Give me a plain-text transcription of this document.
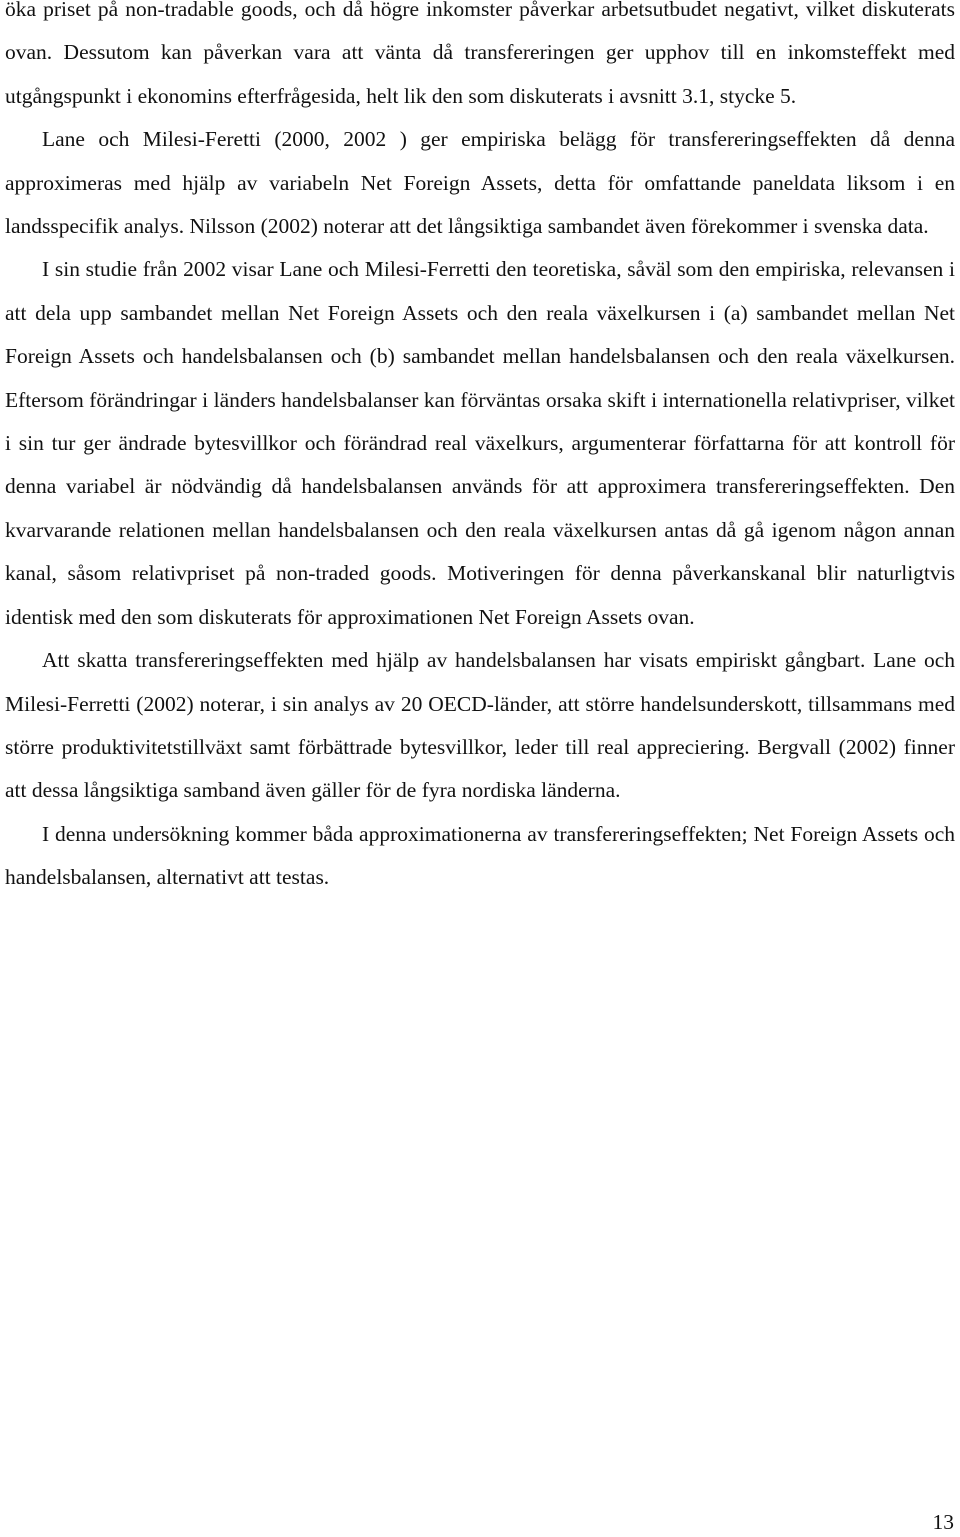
öka priset på non-tradable goods, och då högre inkomster påverkar arbetsutbudet negativt, vilket diskuterats ovan. Dessutom kan påverkan vara att vänta då transfereringen ger upphov till en inkomsteffekt med utgångspunkt i ekonomins efterfrågesida, helt lik den som diskuterats i avsnitt 3.1, stycke 5.

Lane och Milesi-Feretti (2000, 2002 ) ger empiriska belägg för transfereringseffekten då denna approximeras med hjälp av variabeln Net Foreign Assets, detta för omfattande paneldata liksom i en landsspecifik analys. Nilsson (2002) noterar att det långsiktiga sambandet även förekommer i svenska data.

I sin studie från 2002 visar Lane och Milesi-Ferretti den teoretiska, såväl som den empiriska, relevansen i att dela upp sambandet mellan Net Foreign Assets och den reala växelkursen i (a) sambandet mellan Net Foreign Assets och handelsbalansen och (b) sambandet mellan handelsbalansen och den reala växelkursen. Eftersom förändringar i länders handelsbalanser kan förväntas orsaka skift i internationella relativpriser, vilket i sin tur ger ändrade bytesvillkor och förändrad real växelkurs, argumenterar författarna för att kontroll för denna variabel är nödvändig då handelsbalansen används för att approximera transfereringseffekten. Den kvarvarande relationen mellan handelsbalansen och den reala växelkursen antas då gå igenom någon annan kanal, såsom relativpriset på non-traded goods. Motiveringen för denna påverkanskanal blir naturligtvis identisk med den som diskuterats för approximationen Net Foreign Assets ovan.

Att skatta transfereringseffekten med hjälp av handelsbalansen har visats empiriskt gångbart. Lane och Milesi-Ferretti (2002) noterar, i sin analys av 20 OECD-länder, att större handelsunderskott, tillsammans med större produktivitetstillväxt samt förbättrade bytesvillkor, leder till real appreciering. Bergvall (2002) finner att dessa långsiktiga samband även gäller för de fyra nordiska länderna.

I denna undersökning kommer båda approximationerna av transfereringseffekten; Net Foreign Assets och handelsbalansen, alternativt att testas.

13
